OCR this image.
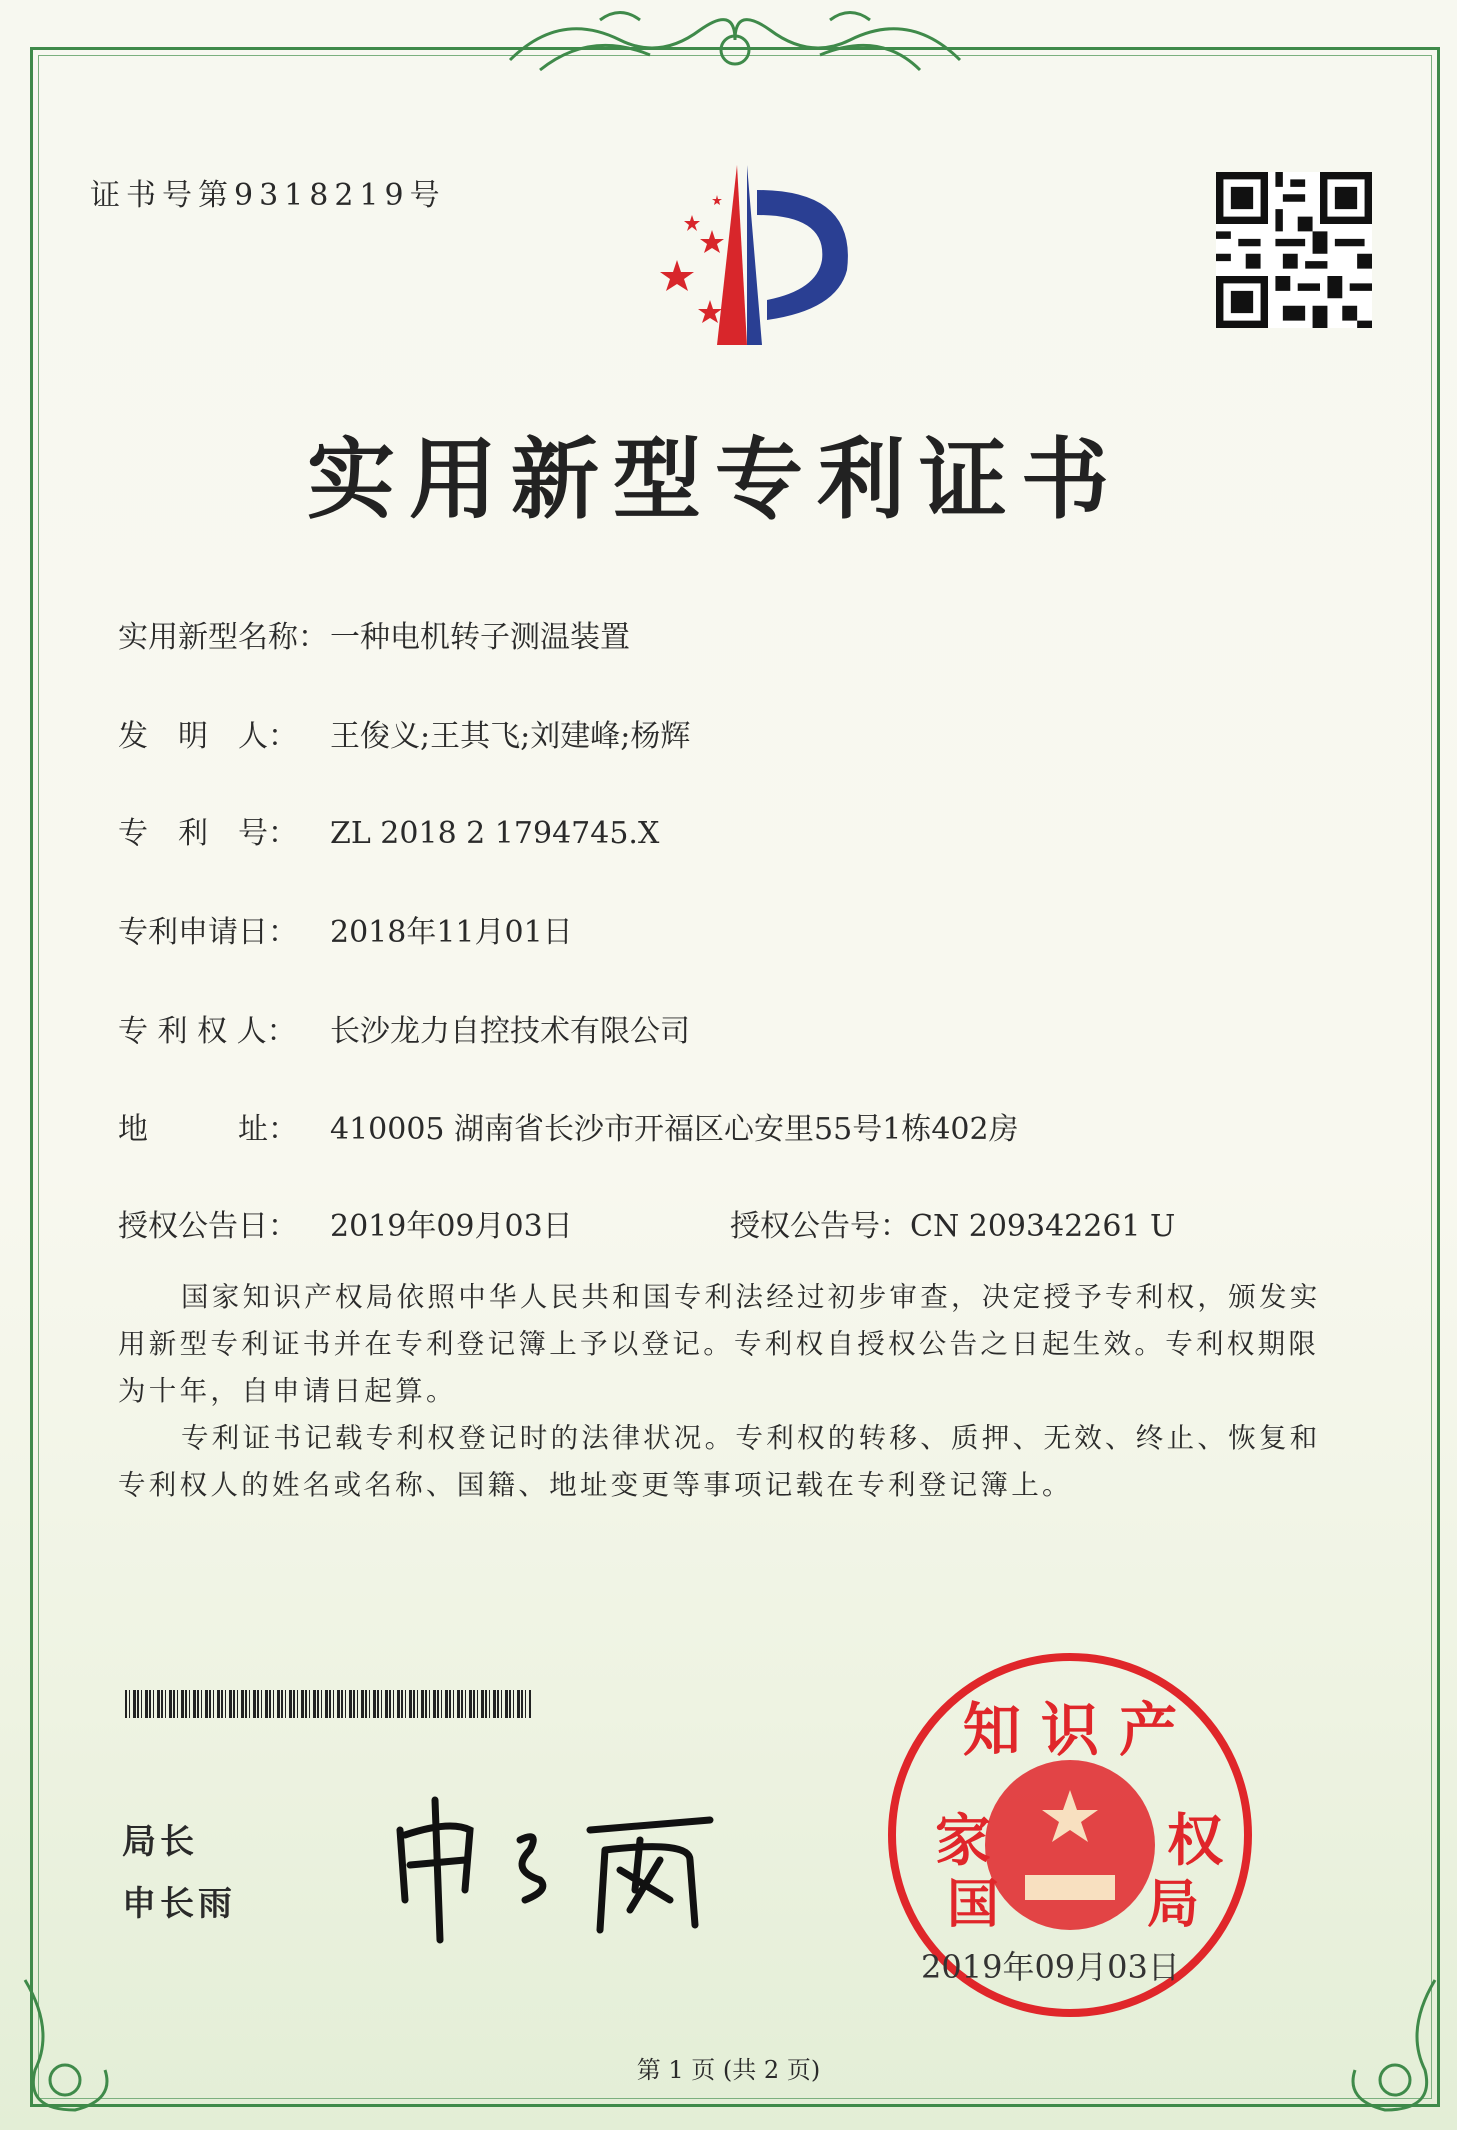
证书号第9318219号
实用新型专利证书
实用新型名称：一种电机转子测温装置
发　明　人： 王俊义;王其飞;刘建峰;杨辉
专　利　号： ZL 2018 2 1794745.X
专利申请日： 2018年11月01日
专 利 权 人： 长沙龙力自控技术有限公司
地　　　址： 410005 湖南省长沙市开福区心安里55号1栋402房
授权公告日： 2019年09月03日	授权公告号：CN 209342261 U

国家知识产权局依照中华人民共和国专利法经过初步审查，决定授予专利权，颁发实用新型专利证书并在专利登记簿上予以登记。专利权自授权公告之日起生效。专利权期限为十年，自申请日起算。

专利证书记载专利权登记时的法律状况。专利权的转移、质押、无效、终止、恢复和专利权人的姓名或名称、国籍、地址变更等事项记载在专利登记簿上。

局长
申长雨
知 识 产
家	权
国	局
2019年09月03日
第 1 页 (共 2 页)
